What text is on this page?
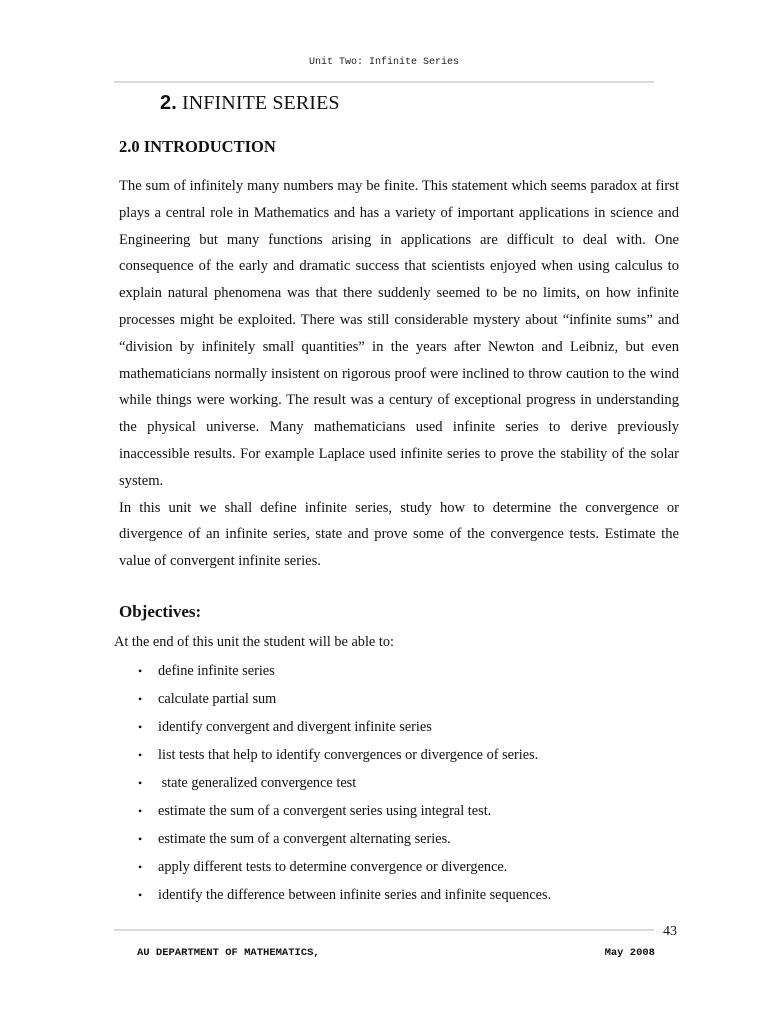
Unit Two: Infinite Series
2. INFINITE SERIES
2.0 INTRODUCTION

The sum of infinitely many numbers may be finite. This statement which seems paradox at first plays a central role in Mathematics and has a variety of important applications in science and Engineering but many functions arising in applications are difficult to deal with. One consequence of the early and dramatic success that scientists enjoyed when using calculus to explain natural phenomena was that there suddenly seemed to be no limits, on how infinite processes might be exploited. There was still considerable mystery about “infinite sums” and “division by infinitely small quantities” in the years after Newton and Leibniz, but even mathematicians normally insistent on rigorous proof were inclined to throw caution to the wind while things were working. The result was a century of exceptional progress in understanding the physical universe. Many mathematicians used infinite series to derive previously inaccessible results. For example Laplace used infinite series to prove the stability of the solar system.

In this unit we shall define infinite series, study how to determine the convergence or divergence of an infinite series, state and prove some of the convergence tests. Estimate the value of convergent infinite series.

Objectives:

At the end of this unit the student will be able to:

• define infinite series
• calculate partial sum
• identify convergent and divergent infinite series
• list tests that help to identify convergences or divergence of series.
• state generalized convergence test
• estimate the sum of a convergent series using integral test.
• estimate the sum of a convergent alternating series.
• apply different tests to determine convergence or divergence.
• identify the difference between infinite series and infinite sequences.
43
AU DEPARTMENT OF MATHEMATICS,	May 2008
